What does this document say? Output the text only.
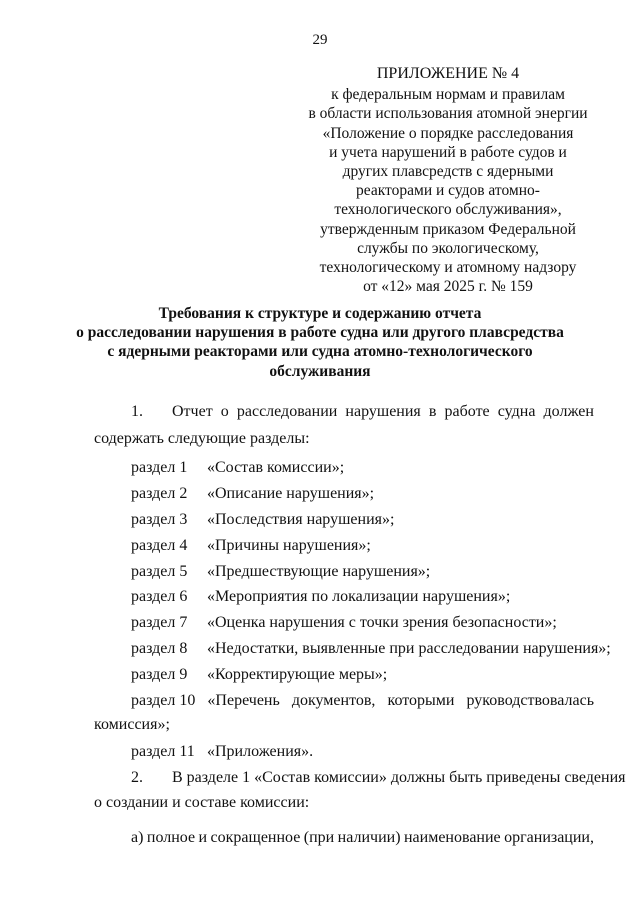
29
ПРИЛОЖЕНИЕ № 4
к федеральным нормам и правилам
в области использования атомной энергии
«Положение о порядке расследования
и учета нарушений в работе судов и
других плавсредств с ядерными
реакторами и судов атомно-
технологического обслуживания»,
утвержденным приказом Федеральной
службы по экологическому,
технологическому и атомному надзору
от «12» мая 2025 г. № 159
Требования к структуре и содержанию отчета
о расследовании нарушения в работе судна или другого плавсредства
с ядерными реакторами или судна атомно-технологического
обслуживания
1. Отчет о расследовании нарушения в работе судна должен
содержать следующие разделы:
раздел 1 «Состав комиссии»;
раздел 2 «Описание нарушения»;
раздел 3 «Последствия нарушения»;
раздел 4 «Причины нарушения»;
раздел 5 «Предшествующие нарушения»;
раздел 6 «Мероприятия по локализации нарушения»;
раздел 7 «Оценка нарушения с точки зрения безопасности»;
раздел 8 «Недостатки, выявленные при расследовании нарушения»;
раздел 9 «Корректирующие меры»;
раздел 10 «Перечень документов, которыми руководствовалась
комиссия»;
раздел 11 «Приложения».
2. В разделе 1 «Состав комиссии» должны быть приведены сведения
о создании и составе комиссии:
а) полное и сокращенное (при наличии) наименование организации,
